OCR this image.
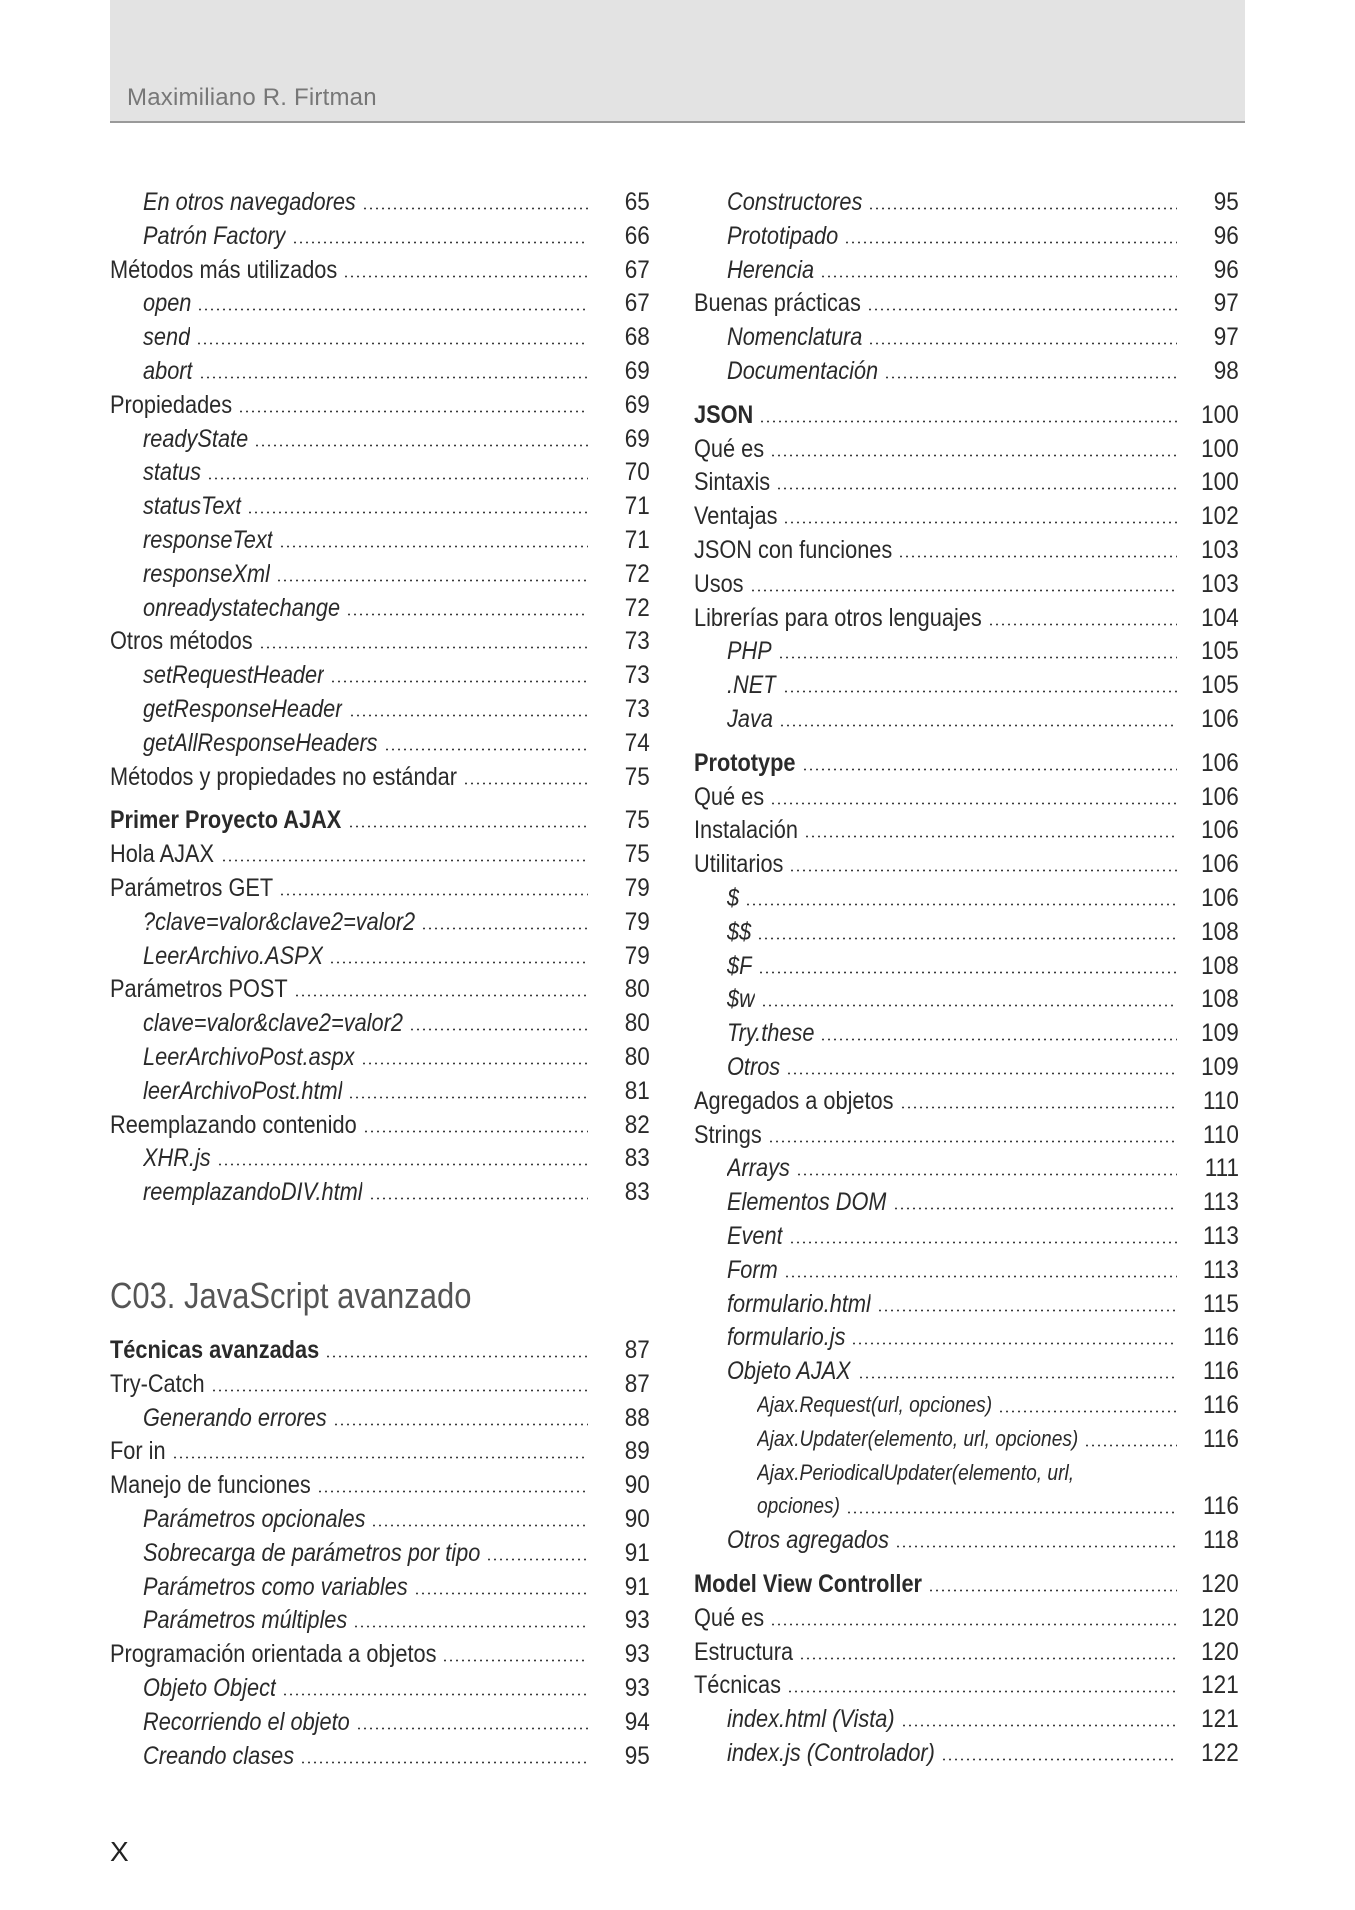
Maximiliano R. Firtman
En otros navegadores	65
Patrón Factory	66
Métodos más utilizados	67
open	67
send	68
abort	69
Propiedades	69
readyState	69
status	70
statusText	71
responseText	71
responseXml	72
onreadystatechange	72
Otros métodos	73
setRequestHeader	73
getResponseHeader	73
getAllResponseHeaders	74
Métodos y propiedades no estándar	75
Primer Proyecto AJAX	75
Hola AJAX	75
Parámetros GET	79
?clave=valor&clave2=valor2	79
LeerArchivo.ASPX	79
Parámetros POST	80
clave=valor&clave2=valor2	80
LeerArchivoPost.aspx	80
leerArchivoPost.html	81
Reemplazando contenido	82
XHR.js	83
reemplazandoDIV.html	83
Técnicas avanzadas	87
Try-Catch	87
Generando errores	88
For in	89
Manejo de funciones	90
Parámetros opcionales	90
Sobrecarga de parámetros por tipo	91
Parámetros como variables	91
Parámetros múltiples	93
Programación orientada a objetos	93
Objeto Object	93
Recorriendo el objeto	94
Creando clases	95
Constructores	95
Prototipado	96
Herencia	96
Buenas prácticas	97
Nomenclatura	97
Documentación	98
JSON	100
Qué es	100
Sintaxis	100
Ventajas	102
JSON con funciones	103
Usos	103
Librerías para otros lenguajes	104
PHP	105
.NET	105
Java	106
Prototype	106
Qué es	106
Instalación	106
Utilitarios	106
$	106
$$	108
$F	108
$w	108
Try.these	109
Otros	109
Agregados a objetos	110
Strings	110
Arrays	111
Elementos DOM	113
Event	113
Form	113
formulario.html	115
formulario.js	116
Objeto AJAX	116
Ajax.Request(url, opciones)	116
Ajax.Updater(elemento, url, opciones)	116
Ajax.PeriodicalUpdater(elemento, url,
opciones)	116
Otros agregados	118
Model View Controller	120
Qué es	120
Estructura	120
Técnicas	121
index.html (Vista)	121
index.js (Controlador)	122
C03. JavaScript avanzado
X
